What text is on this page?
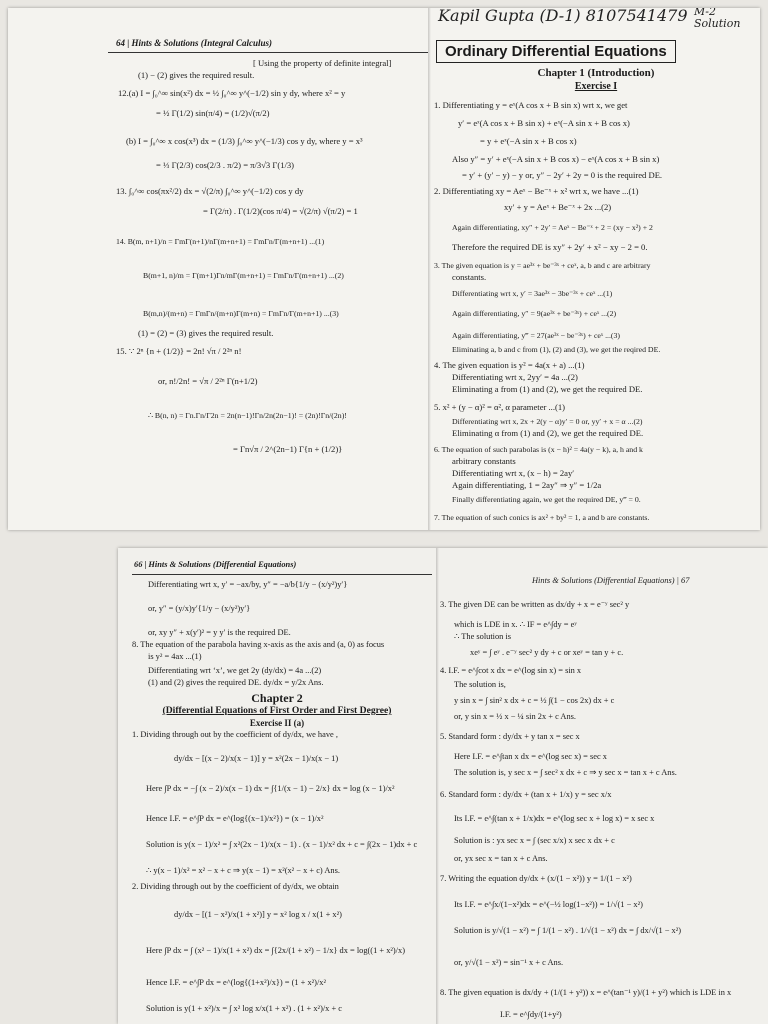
64 | Hints & Solutions (Integral Calculus)
[ Using the property of definite integral]
(1) − (2) gives the required result.
12.(a) I = ∫₀^∞ sin(x²) dx = ½ ∫₀^∞ y^(−1/2) sin y dy, where x² = y
= ½ Γ(1/2) sin(π/4) = (1/2)√(π/2)
(b) I = ∫₀^∞ x cos(x³) dx = (1/3) ∫₀^∞ y^(−1/3) cos y dy, where y = x³
= ⅓ Γ(2/3) cos(2/3 . π/2) = π/3√3 Γ(1/3)
13. ∫₀^∞ cos(πx²/2) dx = √(2/π) ∫₀^∞ y^(−1/2) cos y dy
= Γ(2/π) . Γ(1/2)(cos π/4) = √(2/π) √(π/2) = 1
14. B(m, n+1)/n = ΓmΓ(n+1)/nΓ(m+n+1) = ΓmΓn/Γ(m+n+1) ...(1)
B(m+1, n)/m = Γ(m+1)Γn/mΓ(m+n+1) = ΓmΓn/Γ(m+n+1) ...(2)
B(m,n)/(m+n) = ΓmΓn/(m+n)Γ(m+n) = ΓmΓn/Γ(m+n+1) ...(3)
(1) = (2) = (3) gives the required result.
15. ∵ 2ⁿ {n + (1/2)} = 2n! √π / 2²ⁿ n!
or, n!/2n! = √π / 2²ⁿ Γ(n+1/2)
∴ B(n, n) = Γn.Γn/Γ2n = 2n(n−1)!Γn/2n(2n−1)! = (2n)!Γn/(2n)!
= Γn√π / 2^(2n−1) Γ{n + (1/2)}
Kapil Gupta (D-1) 8107541479 M-2
Solution
Ordinary Differential Equations
Chapter 1 (Introduction)
Exercise I
1. Differentiating y = eˣ(A cos x + B sin x) wrt x, we get
y′ = eˣ(A cos x + B sin x) + eˣ(−A sin x + B cos x)
= y + eˣ(−A sin x + B cos x)
Also y″ = y′ + eˣ(−A sin x + B cos x) − eˣ(A cos x + B sin x)
= y′ + (y′ − y) − y or, y″ − 2y′ + 2y = 0 is the required DE.
2. Differentiating xy = Aeˣ − Be⁻ˣ + x² wrt x, we have ...(1)
xy′ + y = Aeˣ + Be⁻ˣ + 2x ...(2)
Again differentiating, xy″ + 2y′ = Aeˣ − Be⁻ˣ + 2 = (xy − x²) + 2
Therefore the required DE is xy″ + 2y′ + x² − xy − 2 = 0.
3. The given equation is y = ae³ˣ + be⁻³ˣ + ceˣ, a, b and c are arbitrary
constants.
Differentiating wrt x, y′ = 3ae³ˣ − 3be⁻³ˣ + ceˣ ...(1)
Again differentiating, y″ = 9(ae³ˣ + be⁻³ˣ) + ceˣ ...(2)
Again differentiating, y‴ = 27(ae³ˣ − be⁻³ˣ) + ceˣ ...(3)
Eliminating a, b and c from (1), (2) and (3), we get the reqired DE.
4. The given equation is y² = 4a(x + a) ...(1)
Differentiating wrt x, 2yy′ = 4a ...(2)
Eliminating a from (1) and (2), we get the required DE.
5. x² + (y − α)² = α², α parameter ...(1)
Differentiating wrt x, 2x + 2(y − α)y′ = 0 or, yy′ + x = α ...(2)
Eliminating α from (1) and (2), we get the required DE.
6. The equation of such parabolas is (x − h)² = 4a(y − k), a, h and k
arbitrary constants
Differentiating wrt x, (x − h) = 2ay′
Again differentiating, 1 = 2ay″ ⇒ y″ = 1/2a
Finally differentiating again, we get the required DE, y‴ = 0.
7. The equation of such conics is ax² + by² = 1, a and b are constants.
66 | Hints & Solutions (Differential Equations)
Differentiating wrt x, y′ = −ax/by, y″ = −a/b{1/y − (x/y²)y′}
or, y″ = (y/x)y′{1/y − (x/y²)y′}
or, xy y″ + x(y′)² = y y′ is the required DE.
8. The equation of the parabola having x-axis as the axis and (a, 0) as focus
is y² = 4ax ...(1)
Differentiating wrt ‘x’, we get 2y (dy/dx) = 4a ...(2)
(1) and (2) gives the required DE. dy/dx = y/2x Ans.
Chapter 2
(Differential Equations of First Order and First Degree)
Exercise II (a)
1. Dividing through out by the coefficient of dy/dx, we have ,
dy/dx − [(x − 2)/x(x − 1)] y = x²(2x − 1)/x(x − 1)
Here ∫P dx = −∫ (x − 2)/x(x − 1) dx = ∫{1/(x − 1) − 2/x} dx = log (x − 1)/x²
Hence I.F. = e^∫P dx = e^(log{(x−1)/x²}) = (x − 1)/x²
Solution is y(x − 1)/x² = ∫ x²(2x − 1)/x(x − 1) . (x − 1)/x² dx + c = ∫(2x − 1)dx + c
∴ y(x − 1)/x² = x² − x + c ⇒ y(x − 1) = x²(x² − x + c) Ans.
2. Dividing through out by the coefficient of dy/dx, we obtain
dy/dx − [(1 − x²)/x(1 + x²)] y = x² log x / x(1 + x²)
Here ∫P dx = ∫ (x² − 1)/x(1 + x²) dx = ∫{2x/(1 + x²) − 1/x} dx = log((1 + x²)/x)
Hence I.F. = e^∫P dx = e^(log{(1+x²)/x}) = (1 + x²)/x²
Solution is y(1 + x²)/x = ∫ x² log x/x(1 + x²) . (1 + x²)/x + c
Hints & Solutions (Differential Equations) | 67
3. The given DE can be written as dx/dy + x = e⁻ʸ sec² y
which is LDE in x. ∴ IF = e^∫dy = eʸ
∴ The solution is
xeʸ = ∫ eʸ . e⁻ʸ sec² y dy + c or xeʸ = tan y + c.
4. I.F. = e^∫cot x dx = e^(log sin x) = sin x
The solution is,
y sin x = ∫ sin² x dx + c = ½ ∫(1 − cos 2x) dx + c
or, y sin x = ½ x − ¼ sin 2x + c Ans.
5. Standard form : dy/dx + y tan x = sec x
Here I.F. = e^∫tan x dx = e^(log sec x) = sec x
The solution is, y sec x = ∫ sec² x dx + c ⇒ y sec x = tan x + c Ans.
6. Standard form : dy/dx + (tan x + 1/x) y = sec x/x
Its I.F. = e^∫(tan x + 1/x)dx = e^(log sec x + log x) = x sec x
Solution is : yx sec x = ∫ (sec x/x) x sec x dx + c
or, yx sec x = tan x + c Ans.
7. Writing the equation dy/dx + (x/(1 − x²)) y = 1/(1 − x²)
Its I.F. = e^∫x/(1−x²)dx = e^(−½ log(1−x²)) = 1/√(1 − x²)
Solution is y/√(1 − x²) = ∫ 1/(1 − x²) . 1/√(1 − x²) dx = ∫ dx/√(1 − x²)
or, y/√(1 − x²) = sin⁻¹ x + c Ans.
8. The given equation is dx/dy + (1/(1 + y²)) x = e^(tan⁻¹ y)/(1 + y²) which is LDE in x
I.F. = e^∫dy/(1+y²)
